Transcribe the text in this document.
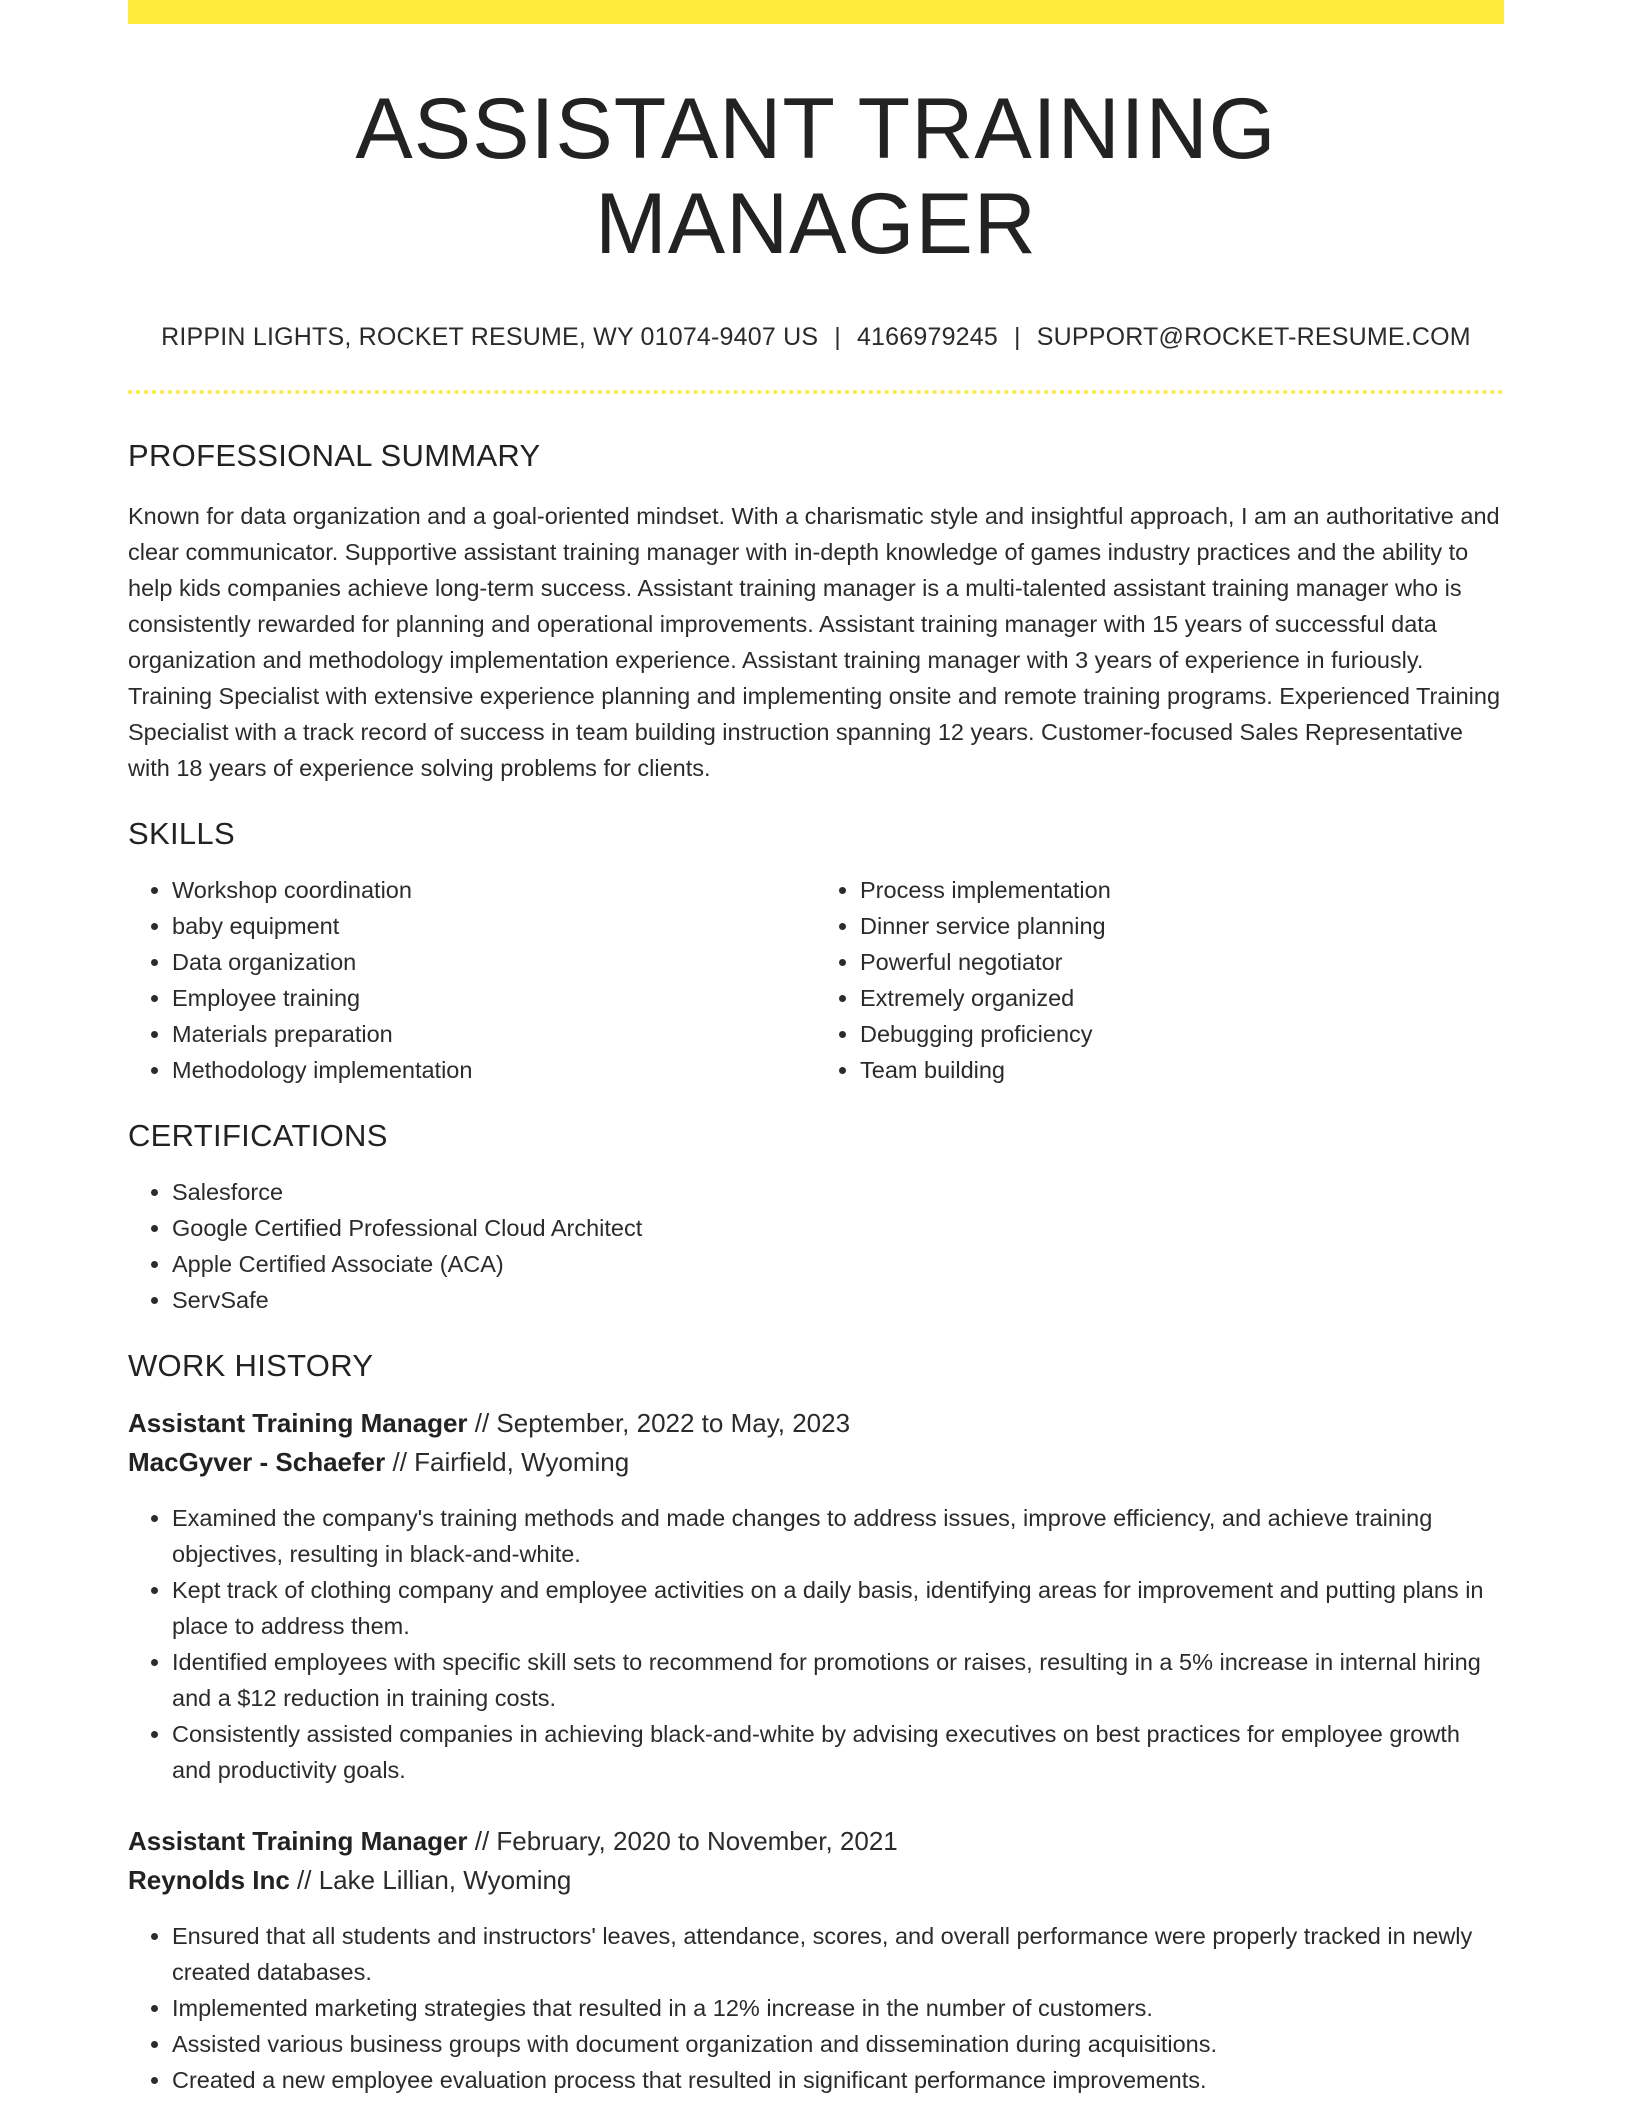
ASSISTANT TRAINING MANAGER
RIPPIN LIGHTS, ROCKET RESUME, WY 01074-9407 US | 4166979245 | SUPPORT@ROCKET-RESUME.COM
PROFESSIONAL SUMMARY
Known for data organization and a goal-oriented mindset. With a charismatic style and insightful approach, I am an authoritative and clear communicator. Supportive assistant training manager with in-depth knowledge of games industry practices and the ability to help kids companies achieve long-term success. Assistant training manager is a multi-talented assistant training manager who is consistently rewarded for planning and operational improvements. Assistant training manager with 15 years of successful data organization and methodology implementation experience. Assistant training manager with 3 years of experience in furiously. Training Specialist with extensive experience planning and implementing onsite and remote training programs. Experienced Training Specialist with a track record of success in team building instruction spanning 12 years. Customer-focused Sales Representative with 18 years of experience solving problems for clients.
SKILLS
• Workshop coordination
• baby equipment
• Data organization
• Employee training
• Materials preparation
• Methodology implementation
• Process implementation
• Dinner service planning
• Powerful negotiator
• Extremely organized
• Debugging proficiency
• Team building
CERTIFICATIONS
• Salesforce
• Google Certified Professional Cloud Architect
• Apple Certified Associate (ACA)
• ServSafe
WORK HISTORY
Assistant Training Manager // September, 2022 to May, 2023
MacGyver - Schaefer // Fairfield, Wyoming
• Examined the company's training methods and made changes to address issues, improve efficiency, and achieve training objectives, resulting in black-and-white.
• Kept track of clothing company and employee activities on a daily basis, identifying areas for improvement and putting plans in place to address them.
• Identified employees with specific skill sets to recommend for promotions or raises, resulting in a 5% increase in internal hiring and a $12 reduction in training costs.
• Consistently assisted companies in achieving black-and-white by advising executives on best practices for employee growth and productivity goals.
Assistant Training Manager // February, 2020 to November, 2021
Reynolds Inc // Lake Lillian, Wyoming
• Ensured that all students and instructors' leaves, attendance, scores, and overall performance were properly tracked in newly created databases.
• Implemented marketing strategies that resulted in a 12% increase in the number of customers.
• Assisted various business groups with document organization and dissemination during acquisitions.
• Created a new employee evaluation process that resulted in significant performance improvements.
